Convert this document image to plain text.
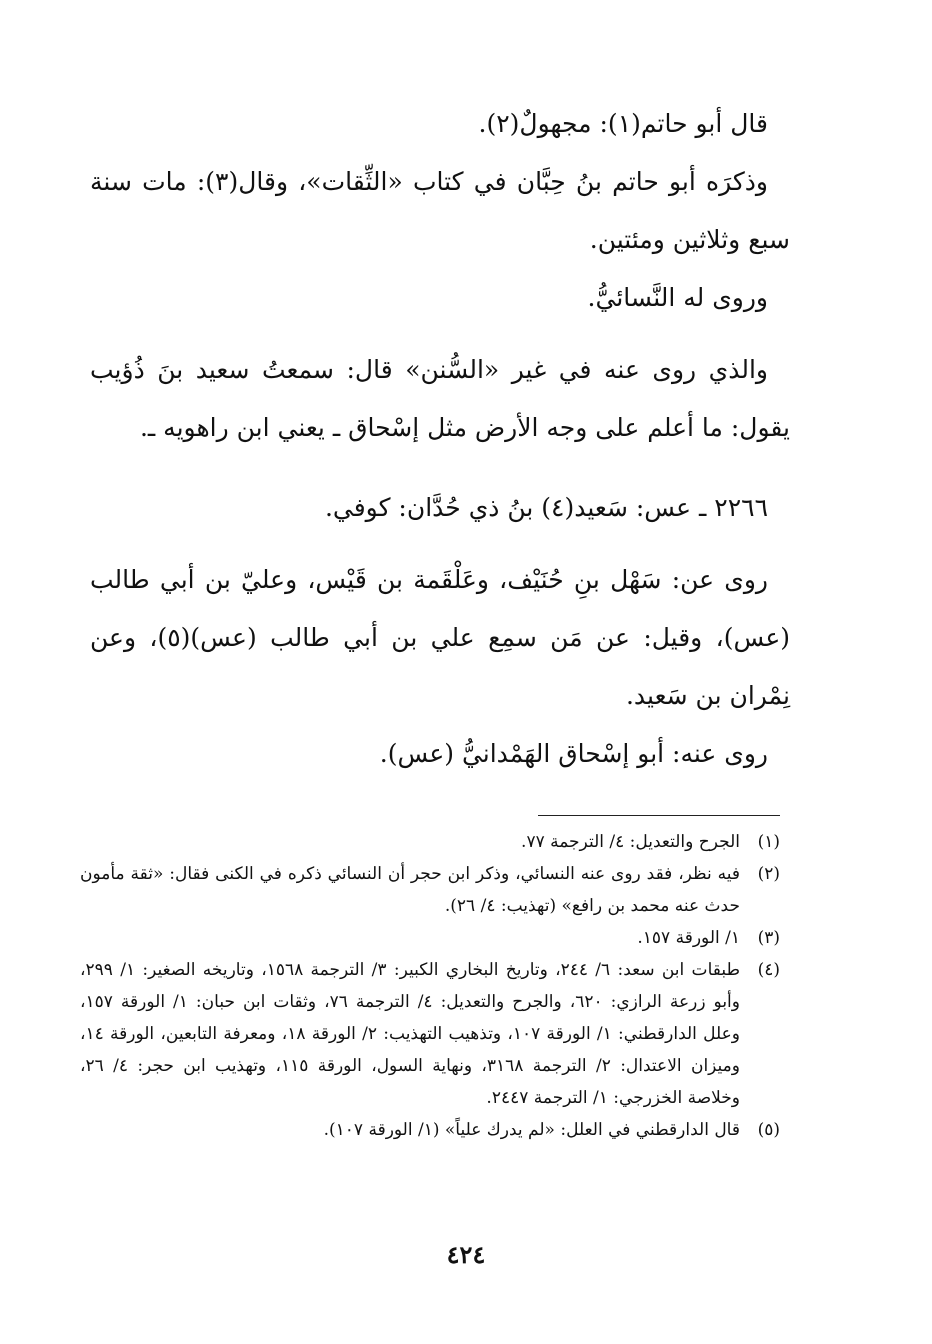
قال أبو حاتم(١): مجهولٌ(٢).

وذكرَه أبو حاتم بنُ حِبَّان في كتاب «الثِّقات»، وقال(٣): مات سنة سبع وثلاثين ومئتين.

وروى له النَّسائيُّ.

والذي روى عنه في غير «السُّنن» قال: سمعتُ سعيد بنَ ذُؤيب يقول: ما أعلم على وجه الأرض مثل إسْحاق ـ يعني ابن راهويه ـ.

٢٢٦٦ ـ عس: سَعيد(٤) بنُ ذي حُدَّان: كوفي.

روى عن: سَهْل بنِ حُنَيْف، وعَلْقَمة بن قَيْس، وعليّ بن أبي طالب (عس)، وقيل: عن مَن سمِع علي بن أبي طالب (عس)(٥)، وعن نِمْران بن سَعيد.

روى عنه: أبو إسْحاق الهَمْدانيُّ (عس).

(١)
الجرح والتعديل: ٤/ الترجمة ٧٧.
(٢)
فيه نظر، فقد روى عنه النسائي، وذكر ابن حجر أن النسائي ذكره في الكنى فقال: «ثقة مأمون حدث عنه محمد بن رافع» (تهذيب: ٤/ ٢٦).
(٣)
١/ الورقة ١٥٧.
(٤)
طبقات ابن سعد: ٦/ ٢٤٤، وتاريخ البخاري الكبير: ٣/ الترجمة ١٥٦٨، وتاريخه الصغير: ١/ ٢٩٩، وأبو زرعة الرازي: ٦٢٠، والجرح والتعديل: ٤/ الترجمة ٧٦، وثقات ابن حبان: ١/ الورقة ١٥٧، وعلل الدارقطني: ١/ الورقة ١٠٧، وتذهيب التهذيب: ٢/ الورقة ١٨، ومعرفة التابعين، الورقة ١٤، وميزان الاعتدال: ٢/ الترجمة ٣١٦٨، ونهاية السول، الورقة ١١٥، وتهذيب ابن حجر: ٤/ ٢٦، وخلاصة الخزرجي: ١/ الترجمة ٢٤٤٧.
(٥)
قال الدارقطني في العلل: «لم يدرك علياً» (١/ الورقة ١٠٧).
٤٢٤
